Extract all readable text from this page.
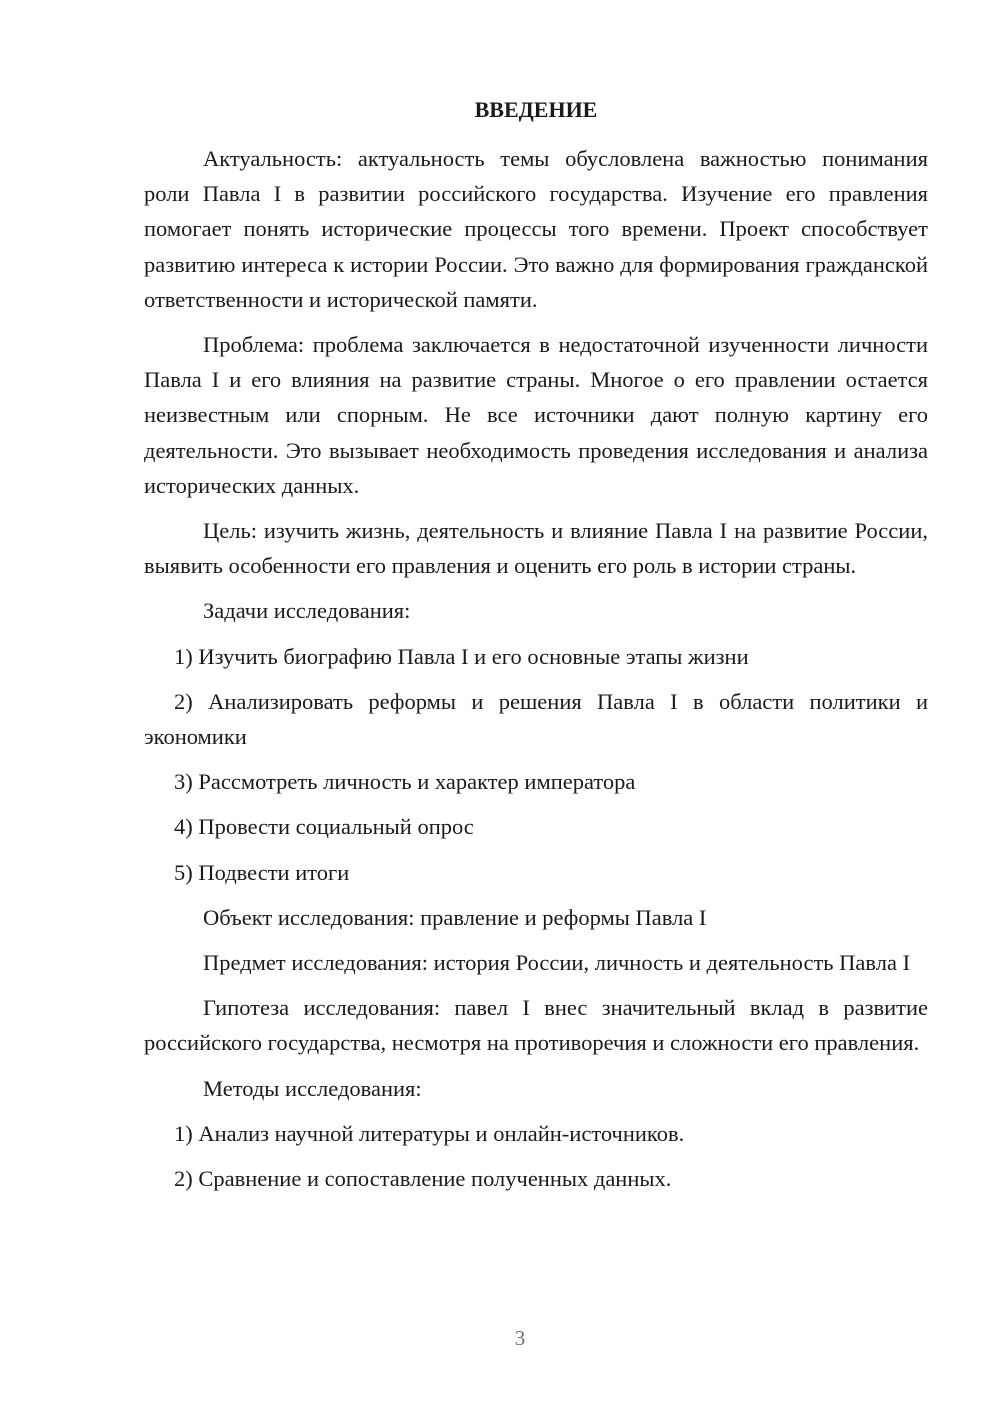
ВВЕДЕНИЕ

Актуальность: актуальность темы обусловлена важностью понимания роли Павла I в развитии российского государства. Изучение его правления помогает понять исторические процессы того времени. Проект способствует развитию интереса к истории России. Это важно для формирования гражданской ответственности и исторической памяти.

Проблема: проблема заключается в недостаточной изученности личности Павла I и его влияния на развитие страны. Многое о его правлении остается неизвестным или спорным. Не все источники дают полную картину его деятельности. Это вызывает необходимость проведения исследования и анализа исторических данных.

Цель: изучить жизнь, деятельность и влияние Павла I на развитие России, выявить особенности его правления и оценить его роль в истории страны.

Задачи исследования:

1) Изучить биографию Павла I и его основные этапы жизни

2) Анализировать реформы и решения Павла I в области политики и экономики

3) Рассмотреть личность и характер императора

4) Провести социальный опрос

5) Подвести итоги

Объект исследования: правление и реформы Павла I

Предмет исследования: история России, личность и деятельность Павла I

Гипотеза исследования: павел I внес значительный вклад в развитие российского государства, несмотря на противоречия и сложности его правления.

Методы исследования:

1) Анализ научной литературы и онлайн-источников.

2) Сравнение и сопоставление полученных данных.

3
